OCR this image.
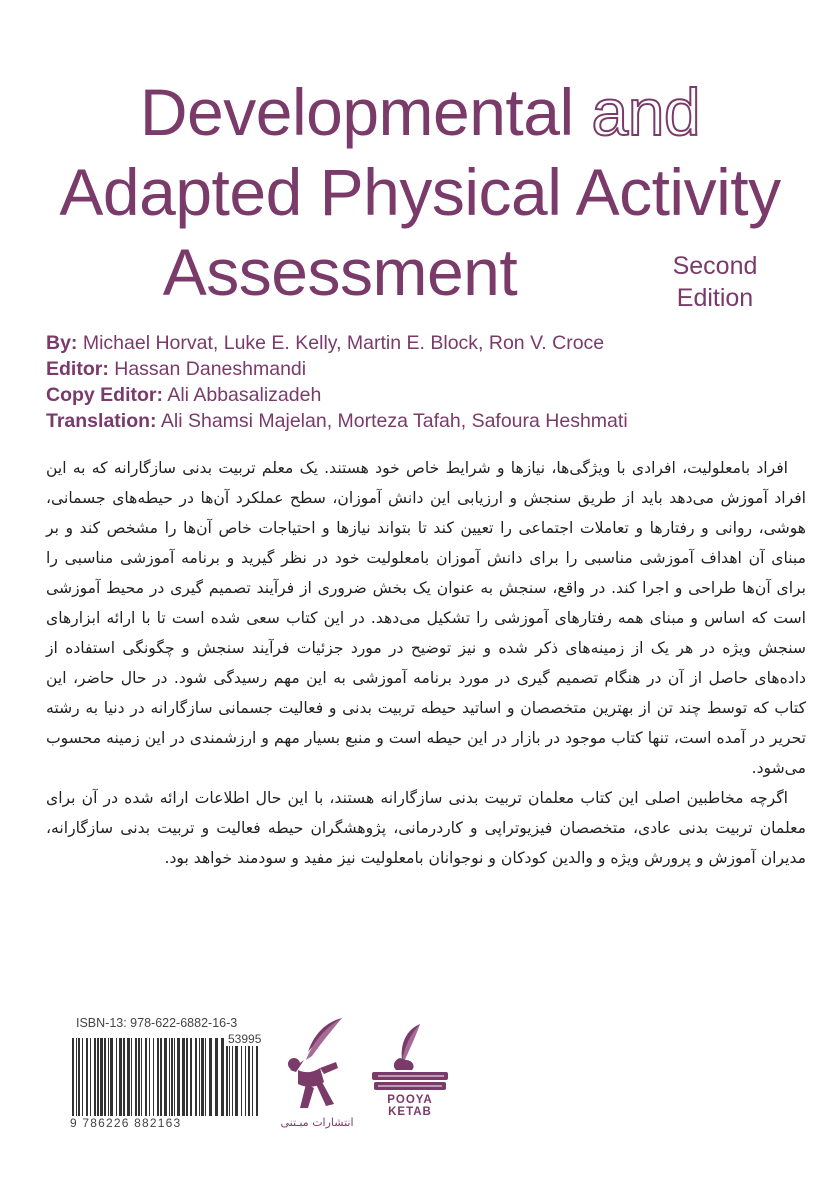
Developmental and
Adapted Physical Activity
Assessment	Second
Edition
By: Michael Horvat, Luke E. Kelly, Martin E. Block, Ron V. Croce
Editor: Hassan Daneshmandi
Copy Editor: Ali Abbasalizadeh
Translation: Ali Shamsi Majelan, Morteza Tafah, Safoura Heshmati

افراد بامعلولیت، افرادی با ویژگی‌ها، نیازها و شرایط خاص خود هستند. یک معلم تربیت بدنی سازگارانه که به این افراد آموزش می‌دهد باید از طریق سنجش و ارزیابی این دانش آموزان، سطح عملکرد آن‌ها در حیطه‌های جسمانی، هوشی، روانی و رفتارها و تعاملات اجتماعی را تعیین کند تا بتواند نیازها و احتیاجات خاص آن‌ها را مشخص کند و بر مبنای آن اهداف آموزشی مناسبی را برای دانش آموزان بامعلولیت خود در نظر گیرید و برنامه آموزشی مناسبی را برای آن‌ها طراحی و اجرا کند. در واقع، سنجش به عنوان یک بخش ضروری از فرآیند تصمیم گیری در محیط آموزشی است که اساس و مبنای همه رفتارهای آموزشی را تشکیل می‌دهد. در این کتاب سعی شده است تا با ارائه ابزارهای سنجش ویژه در هر یک از زمینه‌های ذکر شده و نیز توضیح در مورد جزئیات فرآیند سنجش و چگونگی استفاده از داده‌های حاصل از آن در هنگام تصمیم گیری در مورد برنامه آموزشی به این مهم رسیدگی شود. در حال حاضر، این کتاب که توسط چند تن از بهترین متخصصان و اساتید حیطه تربیت بدنی و فعالیت جسمانی سازگارانه در دنیا به رشته تحریر در آمده است، تنها کتاب موجود در بازار در این حیطه است و منبع بسیار مهم و ارزشمندی در این زمینه محسوب می‌شود.

اگرچه مخاطبین اصلی این کتاب معلمان تربیت بدنی سازگارانه هستند، با این حال اطلاعات ارائه شده در آن برای معلمان تربیت بدنی عادی، متخصصان فیزیوتراپی و کاردرمانی، پژوهشگران حیطه فعالیت و تربیت بدنی سازگارانه، مدیران آموزش و پرورش ویژه و والدین کودکان و نوجوانان بامعلولیت نیز مفید و سودمند خواهد بود.

ISBN-13: 978-622-6882-16-3
53995
9 786226 882163	انتشارات مبـتنی
POOYA KETAB
